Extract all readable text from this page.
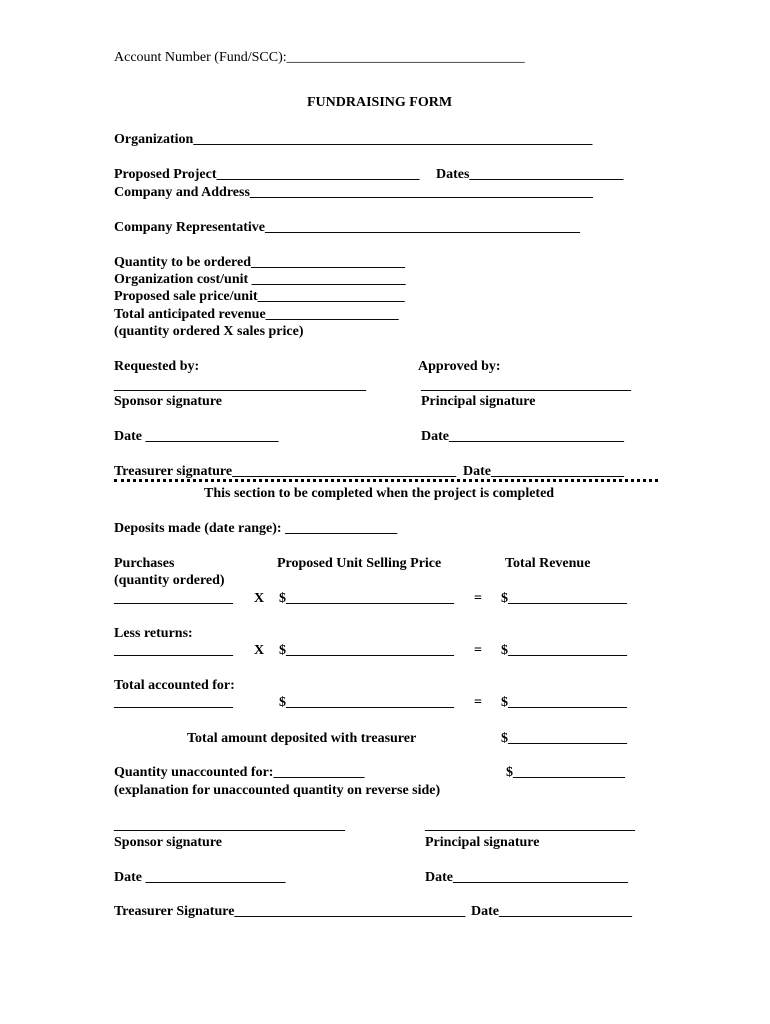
Account Number (Fund/SCC):__________________________________
FUNDRAISING FORM
Organization_________________________________________________________
Proposed Project_____________________________ Dates______________________
Company and Address_________________________________________________
Company Representative_____________________________________________
Quantity to be ordered______________________
Organization cost/unit ______________________
Proposed sale price/unit_____________________
Total anticipated revenue___________________
(quantity ordered X sales price)
Requested by:	Approved by:
____________________________________	______________________________
Sponsor signature	Principal signature
Date ___________________	Date_________________________
Treasurer signature________________________________ Date___________________
This section to be completed when the project is completed
Deposits made (date range): ________________
Purchases	Proposed Unit Selling Price	Total Revenue
(quantity ordered)
_________________ X $________________________ = $_________________
Less returns:
_________________ X $________________________ = $_________________
Total accounted for:
_________________	$________________________ = $_________________
Total amount deposited with treasurer	$_________________
Quantity unaccounted for:_____________	$________________
(explanation for unaccounted quantity on reverse side)
_________________________________	______________________________
Sponsor signature	Principal signature
Date ____________________	Date_________________________
Treasurer Signature_________________________________ Date___________________
